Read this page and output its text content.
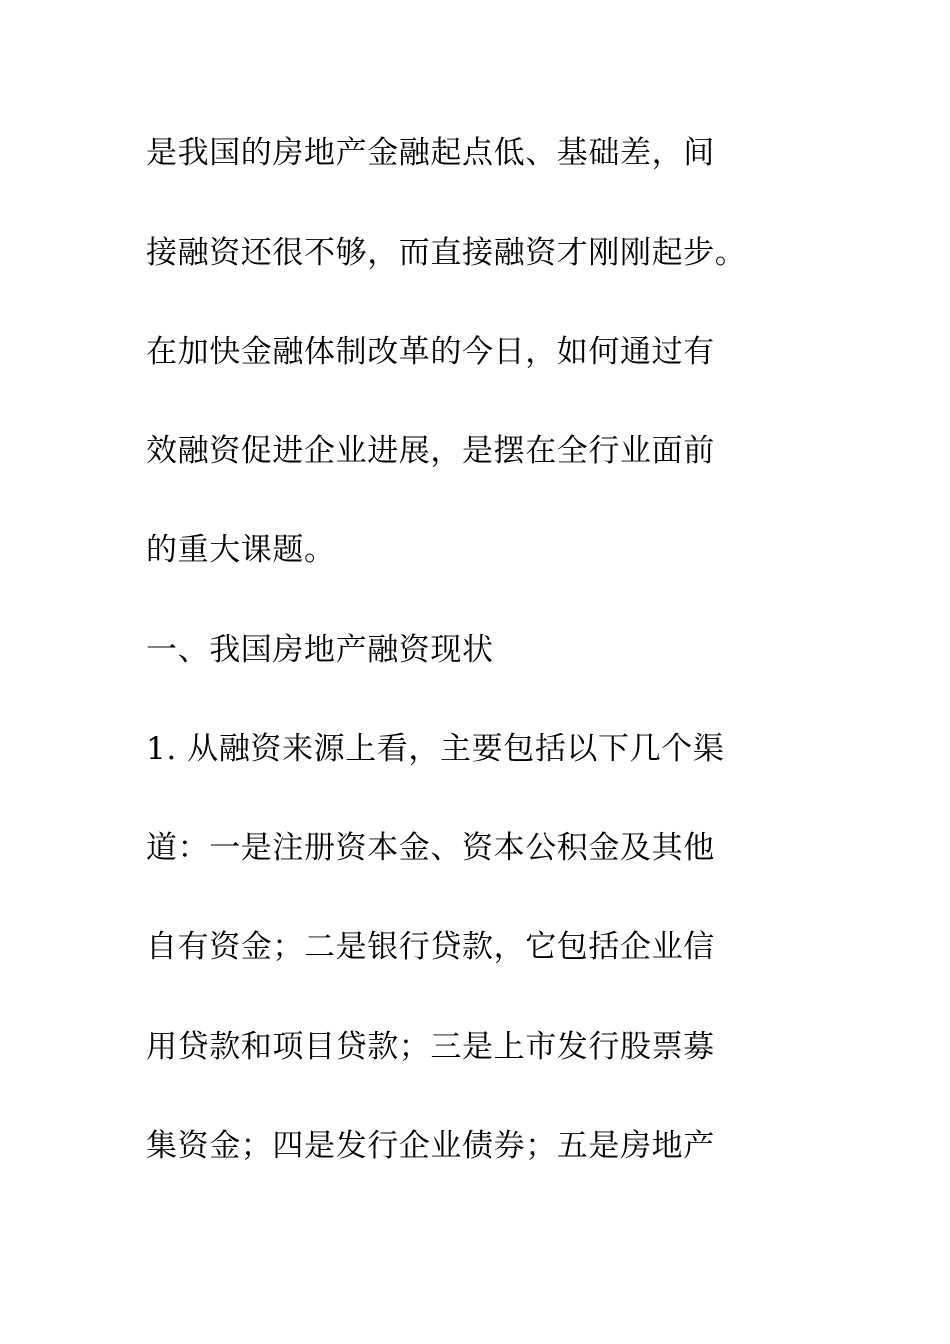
是我国的房地产金融起点低、基础差，间
接融资还很不够，而直接融资才刚刚起步。
在加快金融体制改革的今日，如何通过有
效融资促进企业进展，是摆在全行业面前
的重大课题。
一、我国房地产融资现状
1. 从融资来源上看，主要包括以下几个渠
道：一是注册资本金、资本公积金及其他
自有资金；二是银行贷款，它包括企业信
用贷款和项目贷款；三是上市发行股票募
集资金；四是发行企业债券；五是房地产
